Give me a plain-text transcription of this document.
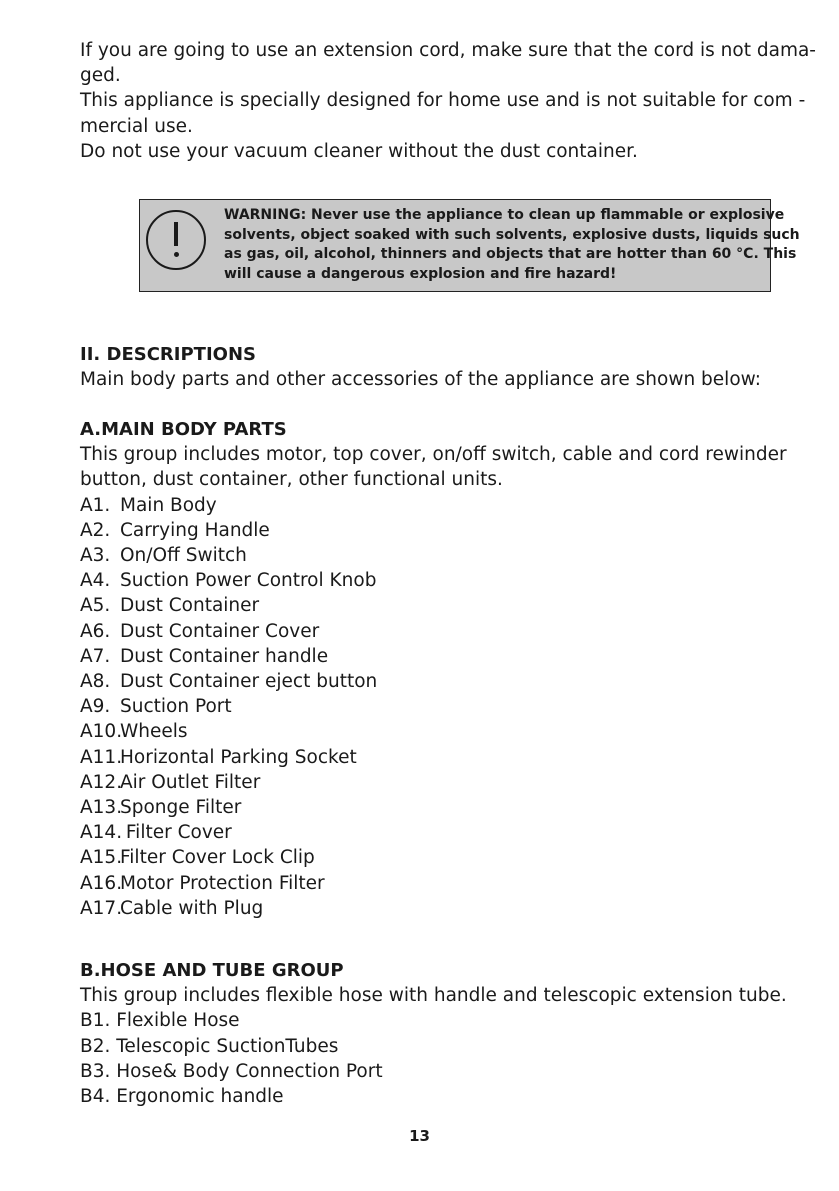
If you are going to use an extension cord, make sure that the cord is not dama-
ged.
This appliance is specially designed for home use and is not suitable for com -
mercial use.
Do not use your vacuum cleaner without the dust container.
WARNING: Never use the appliance to clean up flammable or explosive
solvents, object soaked with such solvents, explosive dusts, liquids such
as gas, oil, alcohol, thinners and objects that are hotter than 60 °C. This
will cause a dangerous explosion and fire hazard!
II. DESCRIPTIONS
Main body parts and other accessories of the appliance are shown below:
A.MAIN BODY PARTS
This group includes motor, top cover, on/off switch, cable and cord rewinder
button, dust container, other functional units.
A1. Main Body
A2. Carrying Handle
A3. On/Off Switch
A4. Suction Power Control Knob
A5. Dust Container
A6. Dust Container Cover
A7. Dust Container handle
A8. Dust Container eject button
A9. Suction Port
A10.Wheels
A11.Horizontal Parking Socket
A12.Air Outlet Filter
A13.Sponge Filter
A14. Filter Cover
A15.Filter Cover Lock Clip
A16.Motor Protection Filter
A17.Cable with Plug
B.HOSE AND TUBE GROUP
This group includes flexible hose with handle and telescopic extension tube.
B1. Flexible Hose
B2. Telescopic SuctionTubes
B3. Hose& Body Connection Port
B4. Ergonomic handle
13
